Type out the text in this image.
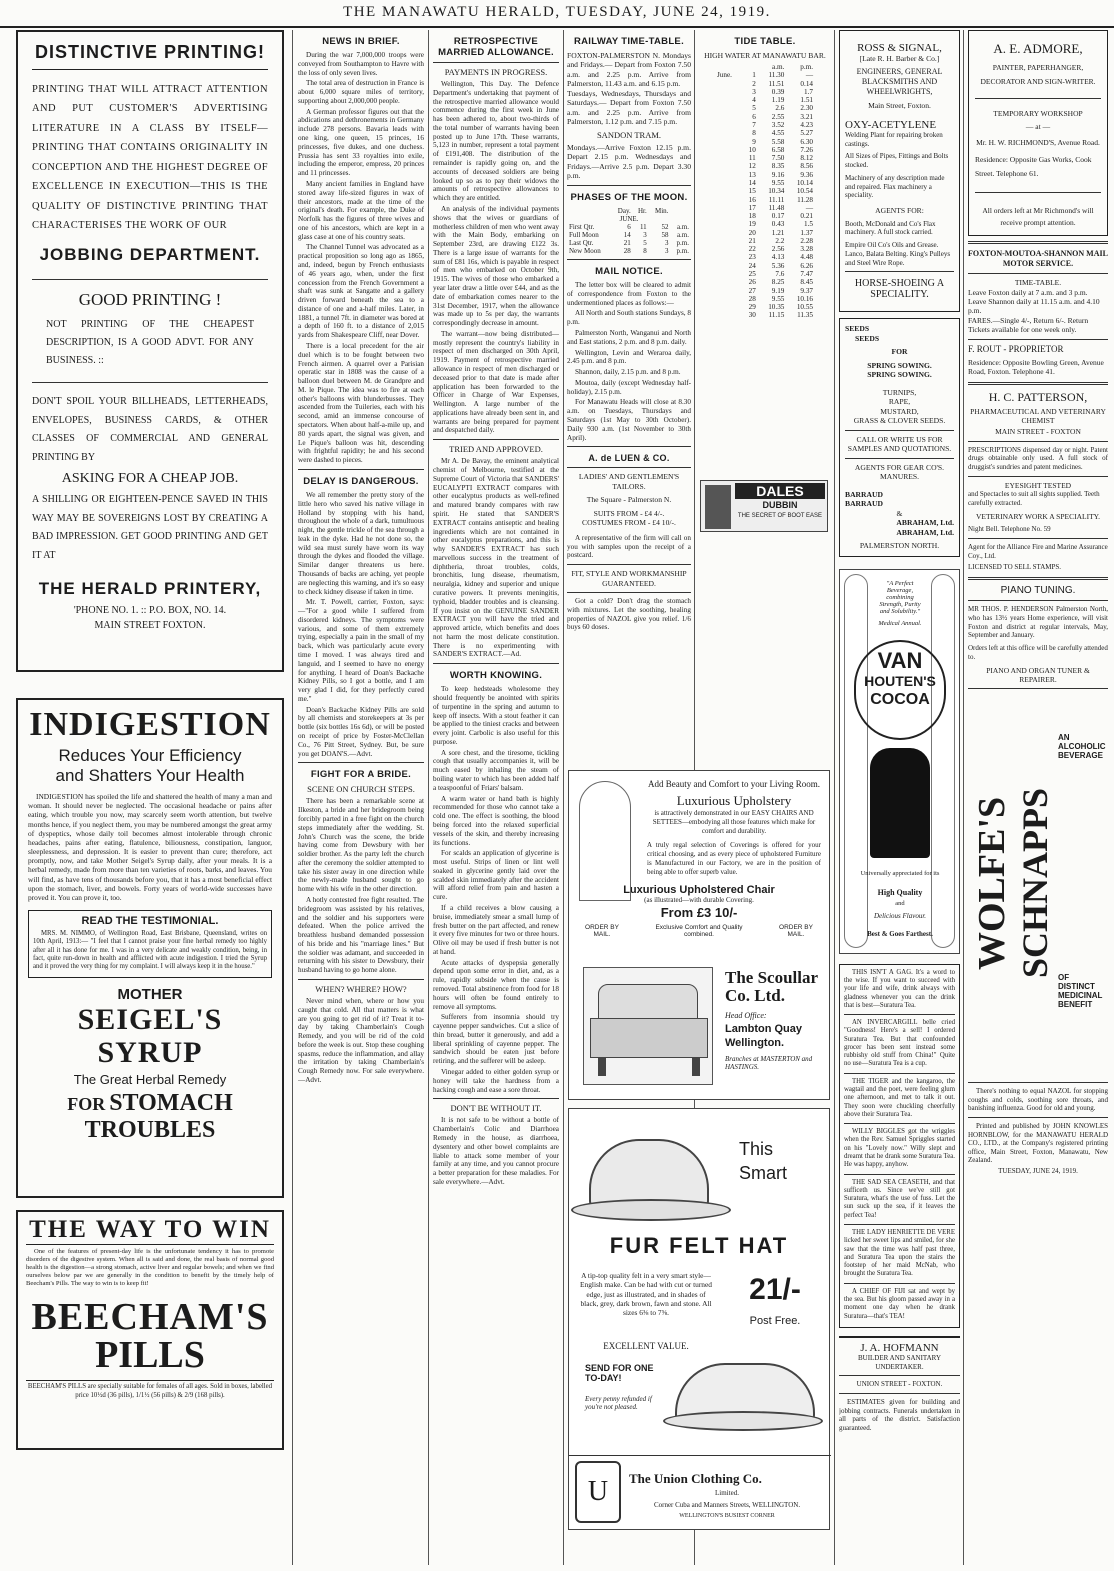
THE MANAWATU HERALD, TUESDAY, JUNE 24, 1919.
DISTINCTIVE PRINTING!
PRINTING THAT WILL ATTRACT ATTENTION AND PUT CUSTOMER'S ADVERTISING LITERATURE IN A CLASS BY ITSELF—PRINTING THAT CONTAINS ORIGINALITY IN CONCEPTION AND THE HIGHEST DEGREE OF EXCELLENCE IN EXECUTION—THIS IS THE QUALITY OF DISTINCTIVE PRINTING THAT CHARACTERISES THE WORK OF OUR
JOBBING DEPARTMENT.
GOOD PRINTING !
NOT PRINTING OF THE CHEAPEST DESCRIPTION, IS A GOOD ADVT. FOR ANY BUSINESS. ::
DON'T SPOIL YOUR BILLHEADS, LETTERHEADS, ENVELOPES, BUSINESS CARDS, & OTHER CLASSES OF COMMERCIAL AND GENERAL PRINTING BY
ASKING FOR A CHEAP JOB.
A SHILLING OR EIGHTEEN-PENCE SAVED IN THIS WAY MAY BE SOVEREIGNS LOST BY CREATING A BAD IMPRESSION. GET GOOD PRINTING AND GET IT AT
THE HERALD PRINTERY,
'PHONE NO. 1. :: P.O. BOX, NO. 14.
MAIN STREET FOXTON.
INDIGESTION
Reduces Your Efficiency
and Shatters Your Health
INDIGESTION has spoiled the life and shattered the health of many a man and woman. It should never be neglected. The occasional headache or pains after eating, which trouble you now, may scarcely seem worth attention, but twelve months hence, if you neglect them, you may be numbered amongst the great army of dyspeptics, whose daily toil becomes almost intolerable through chronic headaches, pains after eating, flatulence, biliousness, constipation, languor, sleeplessness, and depression. It is easier to prevent than cure; therefore, act promptly, now, and take Mother Seigel's Syrup daily, after your meals. It is a herbal remedy, made from more than ten varieties of roots, barks, and leaves. You will find, as have tens of thousands before you, that it has a most beneficial effect upon the stomach, liver, and bowels. Forty years of world-wide successes have proved it. You can prove it, too.
READ THE TESTIMONIAL.
MRS. M. NIMMO, of Wellington Road, East Brisbane, Queensland, writes on 10th April, 1913:— "I feel that I cannot praise your fine herbal remedy too highly after all it has done for me. I was in a very delicate and weakly condition, being, in fact, quite run-down in health and afflicted with acute indigestion. I tried the Syrup and it proved the very thing for my complaint. I will always keep it in the house."
MOTHER
SEIGEL'S SYRUP
The Great Herbal Remedy
FOR STOMACH TROUBLES
THE WAY TO WIN
One of the features of present-day life is the unfortunate tendency it has to promote disorders of the digestive system. When all is said and done, the real basis of normal good health is the digestion—a strong stomach, active liver and regular bowels; and when we find ourselves below par we are generally in the condition to benefit by the timely help of Beecham's Pills. The way to win is to keep fit!
BEECHAM'S
PILLS
BEECHAM'S PILLS are specially suitable for females of all ages. Sold in boxes, labelled price 10½d (36 pills), 1/1½ (56 pills) & 2/9 (168 pills).
NEWS IN BRIEF.

During the war 7,000,000 troops were conveyed from Southampton to Havre with the loss of only seven lives.

The total area of destruction in France is about 6,000 square miles of territory, supporting about 2,000,000 people.

A German professor figures out that the abdications and dethronements in Germany include 278 persons. Bavaria leads with one king, one queen, 15 princes, 16 princesses, five dukes, and one duchess. Prussia has sent 33 royalties into exile, including the emperor, empress, 20 princes and 11 princesses.

Many ancient families in England have stored away life-sized figures in wax of their ancestors, made at the time of the original's death. For example, the Duke of Norfolk has the figures of three wives and one of his ancestors, which are kept in a glass case at one of his country seats.

The Channel Tunnel was advocated as a practical proposition so long ago as 1865, and, indeed, begun by French enthusiasts of 46 years ago, when, under the first concession from the French Government a shaft was sunk at Sangatte and a gallery driven forward beneath the sea to a distance of one and a-half miles. Later, in 1881, a tunnel 7ft. in diameter was bored at a depth of 160 ft. to a distance of 2,015 yards from Shakespeare Cliff, near Dover.

There is a local precedent for the air duel which is to be fought between two French airmen. A quarrel over a Parisian operatic star in 1808 was the cause of a balloon duel between M. de Grandpre and M. le Pique. The idea was to fire at each other's balloons with blunderbusses. They ascended from the Tuileries, each with his second, amid an immense concourse of spectators. When about half-a-mile up, and 80 yards apart, the signal was given, and Le Pique's balloon was hit, descending with frightful rapidity; he and his second were dashed to pieces.

DELAY IS DANGEROUS.

We all remember the pretty story of the little hero who saved his native village in Holland by stopping with his hand, throughout the whole of a dark, tumultuous night, the gentle trickle of the sea through a leak in the dyke. Had he not done so, the wild sea must surely have worn its way through the dykes and flooded the village. Similar danger threatens us here. Thousands of backs are aching, yet people are neglecting this warning, and it's so easy to check kidney disease if taken in time.

Mr. T. Powell, carrier, Foxton, says:—"For a good while I suffered from disordered kidneys. The symptoms were various, and some of them extremely trying, especially a pain in the small of my back, which was particularly acute every time I moved. I was always tired and languid, and I seemed to have no energy for anything. I heard of Doan's Backache Kidney Pills, so I got a bottle, and I am very glad I did, for they perfectly cured me."

Doan's Backache Kidney Pills are sold by all chemists and storekeepers at 3s per bottle (six bottles 16s 6d), or will be posted on receipt of price by Foster-McClellan Co., 76 Pitt Street, Sydney. But, be sure you get DOAN'S.—Advt.

FIGHT FOR A BRIDE.
SCENE ON CHURCH STEPS.

There has been a remarkable scene at Ilkeston, a bride and her bridegroom being forcibly parted in a free fight on the church steps immediately after the wedding. St. John's Church was the scene, the bride having come from Dewsbury with her soldier brother. As the party left the church after the ceremony the soldier attempted to take his sister away in one direction while the newly-made husband sought to go home with his wife in the other direction.

A hotly contested free fight resulted. The bridegroom was assisted by his relatives, and the soldier and his supporters were defeated. When the police arrived the breathless husband demanded possession of his bride and his "marriage lines." But the soldier was adamant, and succeeded in returning with his sister to Dewsbury, their husband having to go home alone.

WHEN? WHERE? HOW?

Never mind when, where or how you caught that cold. All that matters is what are you going to get rid of it? Treat it to-day by taking Chamberlain's Cough Remedy, and you will be rid of the cold before the week is out. Stop these coughing spasms, reduce the inflammation, and allay the irritation by taking Chamberlain's Cough Remedy now. For sale everywhere.—Advt.

RETROSPECTIVE MARRIED ALLOWANCE.
PAYMENTS IN PROGRESS.

Wellington, This Day. The Defence Department's undertaking that payment of the retrospective married allowance would commence during the first week in June has been adhered to, about two-thirds of the total number of warrants having been posted up to June 17th. These warrants, 5,123 in number, represent a total payment of £191,408. The distribution of the remainder is rapidly going on, and the accounts of deceased soldiers are being looked up so as to pay their widows the amounts of retrospective allowances to which they are entitled.

An analysis of the individual payments shows that the wives or guardians of motherless children of men who went away with the Main Body, embarking on September 23rd, are drawing £122 3s. There is a large issue of warrants for the sum of £81 16s, which is payable in respect of men who embarked on October 9th, 1915. The wives of those who embarked a year later draw a little over £44, and as the date of embarkation comes nearer to the 31st December, 1917, when the allowance was made up to 5s per day, the warrants correspondingly decrease in amount.

The warrant—now being distributed—mostly represent the country's liability in respect of men discharged on 30th April, 1919. Payment of retrospective married allowance in respect of men discharged or deceased prior to that date is made after application has been forwarded to the Officer in Charge of War Expenses, Wellington. A large number of the applications have already been sent in, and warrants are being prepared for payment and despatched daily.

TRIED AND APPROVED.

Mr A. De Bavay, the eminent analytical chemist of Melbourne, testified at the Supreme Court of Victoria that SANDERS' EUCALYPTI EXTRACT compares with other eucalyptus products as well-refined and matured brandy compares with raw spirit. He stated that SANDER'S EXTRACT contains antiseptic and healing ingredients which are not contained in other eucalyptus preparations, and this is why SANDER'S EXTRACT has such marvellous success in the treatment of diphtheria, throat troubles, colds, bronchitis, lung disease, rheumatism, neuralgia, kidney and superior and unique curative powers. It prevents meningitis, typhoid, bladder troubles and is cleansing. If you insist on the GENUINE SANDER EXTRACT you will have the tried and approved article, which benefits and does not harm the most delicate constitution. There is no experimenting with SANDER'S EXTRACT.—Ad.

WORTH KNOWING.

To keep hedsteads wholesome they should frequently be anointed with spirits of turpentine in the spring and autumn to keep off insects. With a stout feather it can be applied to the tiniest cracks and between every joint. Carbolic is also useful for this purpose.

A sore chest, and the tiresome, tickling cough that usually accompanies it, will be much eased by inhaling the steam of boiling water to which has been added half a teaspoonful of Friars' balsam.

A warm water or hand bath is highly recommended for those who cannot take a cold one. The effect is soothing, the blood being forced into the relaxed superficial vessels of the skin, and thereby increasing its functions.

For scalds an application of glycerine is most useful. Strips of linen or lint well soaked in glycerine gently laid over the scalded skin immediately after the accident will afford relief from pain and hasten a cure.

If a child receives a blow causing a bruise, immediately smear a small lump of fresh butter on the part affected, and renew it every five minutes for two or three hours. Olive oil may be used if fresh butter is not at hand.

Acute attacks of dyspepsia generally depend upon some error in diet, and, as a rule, rapidly subside when the cause is removed. Total abstinence from food for 18 hours will often be found entirely to remove all symptoms.

Sufferers from insomnia should try cayenne pepper sandwiches. Cut a slice of thin bread, butter it generously, and add a liberal sprinkling of cayenne pepper. The sandwich should be eaten just before retiring, and the sufferer will be asleep.

Vinegar added to either golden syrup or honey will take the hardness from a hacking cough and ease a sore throat.

DON'T BE WITHOUT IT.

It is not safe to be without a bottle of Chamberlain's Colic and Diarrhoea Remedy in the house, as diarrhoea, dysentery and other bowel complaints are liable to attack some member of your family at any time, and you cannot procure a better preparation for these maladies. For sale everywhere.—Advt.

RAILWAY TIME-TABLE.

FOXTON-PALMERSTON N. Mondays and Fridays.— Depart from Foxton 7.50 a.m. and 2.25 p.m. Arrive from Palmerston, 11.43 a.m. and 6.15 p.m.

Tuesdays, Wednesdays, Thursdays and Saturdays.— Depart from Foxton 7.50 a.m. and 2.25 p.m. Arrive from Palmerston, 1.12 p.m. and 7.15 p.m.

SANDON TRAM.

Mondays.—Arrive Foxton 12.15 p.m. Depart 2.15 p.m. Wednesdays and Fridays.—Arrive 2.5 p.m. Depart 3.30 p.m.

PHASES OF THE MOON.
	Day.	Hr.	Min.	
JUNE.				
First Qtr.	6	11	52	a.m.
Full Moon	14	3	58	a.m.
Last Qtr.	21	5	3	p.m.
New Moon	28	8	3	p.m.
MAIL NOTICE.

The letter box will be cleared to admit of correspondence from Foxton to the undermentioned places as follows:—

All North and South stations Sundays, 8 p.m.

Palmerston North, Wanganui and North and East stations, 2 p.m. and 8 p.m. daily.

Wellington, Levin and Weraroa daily, 2.45 p.m. and 8 p.m.

Shannon, daily, 2.15 p.m. and 8 p.m.

Moutoa, daily (except Wednesday half-holiday), 2.15 p.m.

For Manawatu Heads will close at 8.30 a.m. on Tuesdays, Thursdays and Saturdays (1st May to 30th October). Daily 930 a.m. (1st November to 30th April).

A. de LUEN & CO.
LADIES' AND GENTLEMEN'S TAILORS.
The Square - Palmerston N.
SUITS FROM - £4 4/-.
COSTUMES FROM - £4 10/-.

A representative of the firm will call on you with samples upon the receipt of a postcard.

FIT, STYLE AND WORKMANSHIP GUARANTEED.

Got a cold? Don't drag the stomach with mixtures. Let the soothing, healing properties of NAZOL give you relief. 1/6 buys 60 doses.

DALES
DUBBIN
THE SECRET OF BOOT EASE
TIDE TABLE.
HIGH WATER AT MANAWATU BAR.
		a.m.	p.m.
June.	1	11.30	—
	2	11.51	0.14
	3	0.39	1.7
	4	1.19	1.51
	5	2.6	2.30
	6	2.55	3.21
	7	3.52	4.23
	8	4.55	5.27
	9	5.58	6.30
	10	6.58	7.26
	11	7.50	8.12
	12	8.35	8.56
	13	9.16	9.36
	14	9.55	10.14
	15	10.34	10.54
	16	11.11	11.28
	17	11.48	—
	18	0.17	0.21
	19	0.43	1.5
	20	1.21	1.37
	21	2.2	2.28
	22	2.56	3.28
	23	4.13	4.48
	24	5.36	6.26
	25	7.6	7.47
	26	8.25	8.45
	27	9.19	9.37
	28	9.55	10.16
	29	10.35	10.55
	30	11.15	11.35

Add Beauty and Comfort to your Living Room.
Luxurious Upholstery
is attractively demonstrated in our EASY CHAIRS AND SETTEES—embodying all those features which make for comfort and durability.
A truly regal selection of Coverings is offered for your critical choosing, and as every piece of upholstered Furniture is Manufactured in our Factory, we are in the position of being able to offer superb value.
Luxurious Upholstered Chair
(as illustrated—with durable Covering.
From £3 10/-
ORDER BY MAIL.
Exclusive Comfort and Quality combined.
ORDER BY MAIL.
The Scoullar
Co. Ltd.
Head Office:
Lambton Quay
Wellington.
Branches at MASTERTON and HASTINGS.
This
Smart
FUR FELT HAT
A tip-top quality felt in a very smart style—English make. Can be had with cut or turned edge, just as illustrated, and in shades of black, grey, dark brown, fawn and stone. All sizes 6⅜ to 7⅝.
21/-
Post Free.
EXCELLENT VALUE.
SEND FOR ONE TO-DAY!
Every penny refunded if you're not pleased.
U	The Union Clothing Co.
Limited.
Corner Cuba and Manners Streets, WELLINGTON.
WELLINGTON'S BUSIEST CORNER
ROSS & SIGNAL,
[Late R. H. Barber & Co.]
ENGINEERS, GENERAL BLACKSMITHS AND WHEELWRIGHTS,
Main Street, Foxton.
OXY-ACETYLENE
Welding Plant for repairing broken castings.
All Sizes of Pipes, Fittings and Bolts stocked.
Machinery of any description made and repaired. Flax machinery a speciality.
AGENTS FOR:
Booth, McDonald and Co's Flax machinery. A full stock carried.
Empire Oil Co's Oils and Grease. Lanco, Balata Belting. King's Pulleys and Steel Wire Rope.
HORSE-SHOEING A SPECIALITY.
SEEDS
SEEDS
FOR
SPRING SOWING.
SPRING SOWING.
TURNIPS,
RAPE,
MUSTARD,
GRASS & CLOVER SEEDS.
CALL OR WRITE US FOR SAMPLES AND QUOTATIONS.
AGENTS FOR GEAR CO'S. MANURES.
BARRAUD
BARRAUD
&
ABRAHAM, Ltd.
ABRAHAM, Ltd.
PALMERSTON NORTH.
"A Perfect Beverage, combining Strength, Purity and Solubility."
Medical Annual.
VAN
HOUTEN'S
COCOA
Universally appreciated for its
High Quality
and
Delicious Flavour.
Best & Goes Farthest.

THIS ISN'T A GAG. It's a word to the wise. If you want to succeed with your life and wife, drink always with gladness whenever you can the drink that is best—Suratura Tea.

AN INVERCARGILL belle cried "Goodness! Here's a sell! I ordered Suratura Tea. But that confounded grocer has been sent instead some rubbishy old stuff from China!" Quite no use—Suratura Tea is a cup.

THE TIGER and the kangaroo, the wagtail and the poet, were feeling glum one afternoon, and met to talk it out. They soon were chuckling cheerfully above their Suratura Tea.

WILLY BIGGLES got the wriggles when the Rev. Samuel Spriggles started on his "Lovely now." Willy slept and dreamt that he drank some Suratura Tea. He was happy, anyhow.

THE SAD SEA CEASETH, and that sufficeth us. Since we've still got Suratura, what's the use of fuss. Let the sun suck up the sea, if it leaves the perfect Tea!

THE LADY HENRIETTE DE VERE licked her sweet lips and smiled, for she saw that the time was half past three, and Suratura Tea upon the stairs the footstep of her maid McNab, who brought the Suratura Tea.

A CHIEF OF FIJI sat and wept by the sea. But his gloom passed away in a moment one day when he drank Suratura—that's TEA!

J. A. HOFMANN
BUILDER AND SANITARY UNDERTAKER.
UNION STREET - FOXTON.

ESTIMATES given for building and jobbing contracts. Funerals undertaken in all parts of the district. Satisfaction guaranteed.

A. E. ADMORE,
PAINTER, PAPERHANGER, DECORATOR AND SIGN-WRITER.
TEMPORARY WORKSHOP
— at —
Mr. H. W. RICHMOND'S, Avenue Road.
Residence: Opposite Gas Works, Cook Street. Telephone 61.
All orders left at Mr Richmond's will receive prompt attention.
FOXTON-MOUTOA-SHANNON MAIL MOTOR SERVICE.
TIME-TABLE.
Leave Foxton daily at 7 a.m. and 3 p.m.
Leave Shannon daily at 11.15 a.m. and 4.10 p.m.
FARES.—Single 4/-, Return 6/-. Return Tickets available for one week only.
F. ROUT - PROPRIETOR
Residence: Opposite Bowling Green, Avenue Road, Foxton. Telephone 41.
H. C. PATTERSON,
PHARMACEUTICAL AND VETERINARY CHEMIST
MAIN STREET - FOXTON
PRESCRIPTIONS dispensed day or night. Patent drugs obtainable only used. A full stock of druggist's sundries and patent medicines.
EYESIGHT TESTED
and Spectacles to suit all sights supplied. Teeth carefully extracted.
VETERINARY WORK A SPECIALITY.
Night Bell. Telephone No. 59
Agent for the Alliance Fire and Marine Assurance Coy., Ltd.
LICENSED TO SELL STAMPS.
PIANO TUNING.
MR THOS. P. HENDERSON Palmerston North, who has 13½ years Home experience, will visit Foxton and district at regular intervals, May, September and January.
Orders left at this office will be carefully attended to.
PIANO AND ORGAN TUNER & REPAIRER.
WOLFE'S SCHNAPPS
AN ALCOHOLIC BEVERAGE
OF DISTINCT MEDICINAL BENEFIT

There's nothing to equal NAZOL for stopping coughs and colds, soothing sore throats, and banishing influenza. Good for old and young.

Printed and published by JOHN KNOWLES HORNBLOW, for the MANAWATU HERALD CO., LTD., at the Company's registered printing office, Main Street, Foxton, Manawatu, New Zealand.

TUESDAY, JUNE 24, 1919.
